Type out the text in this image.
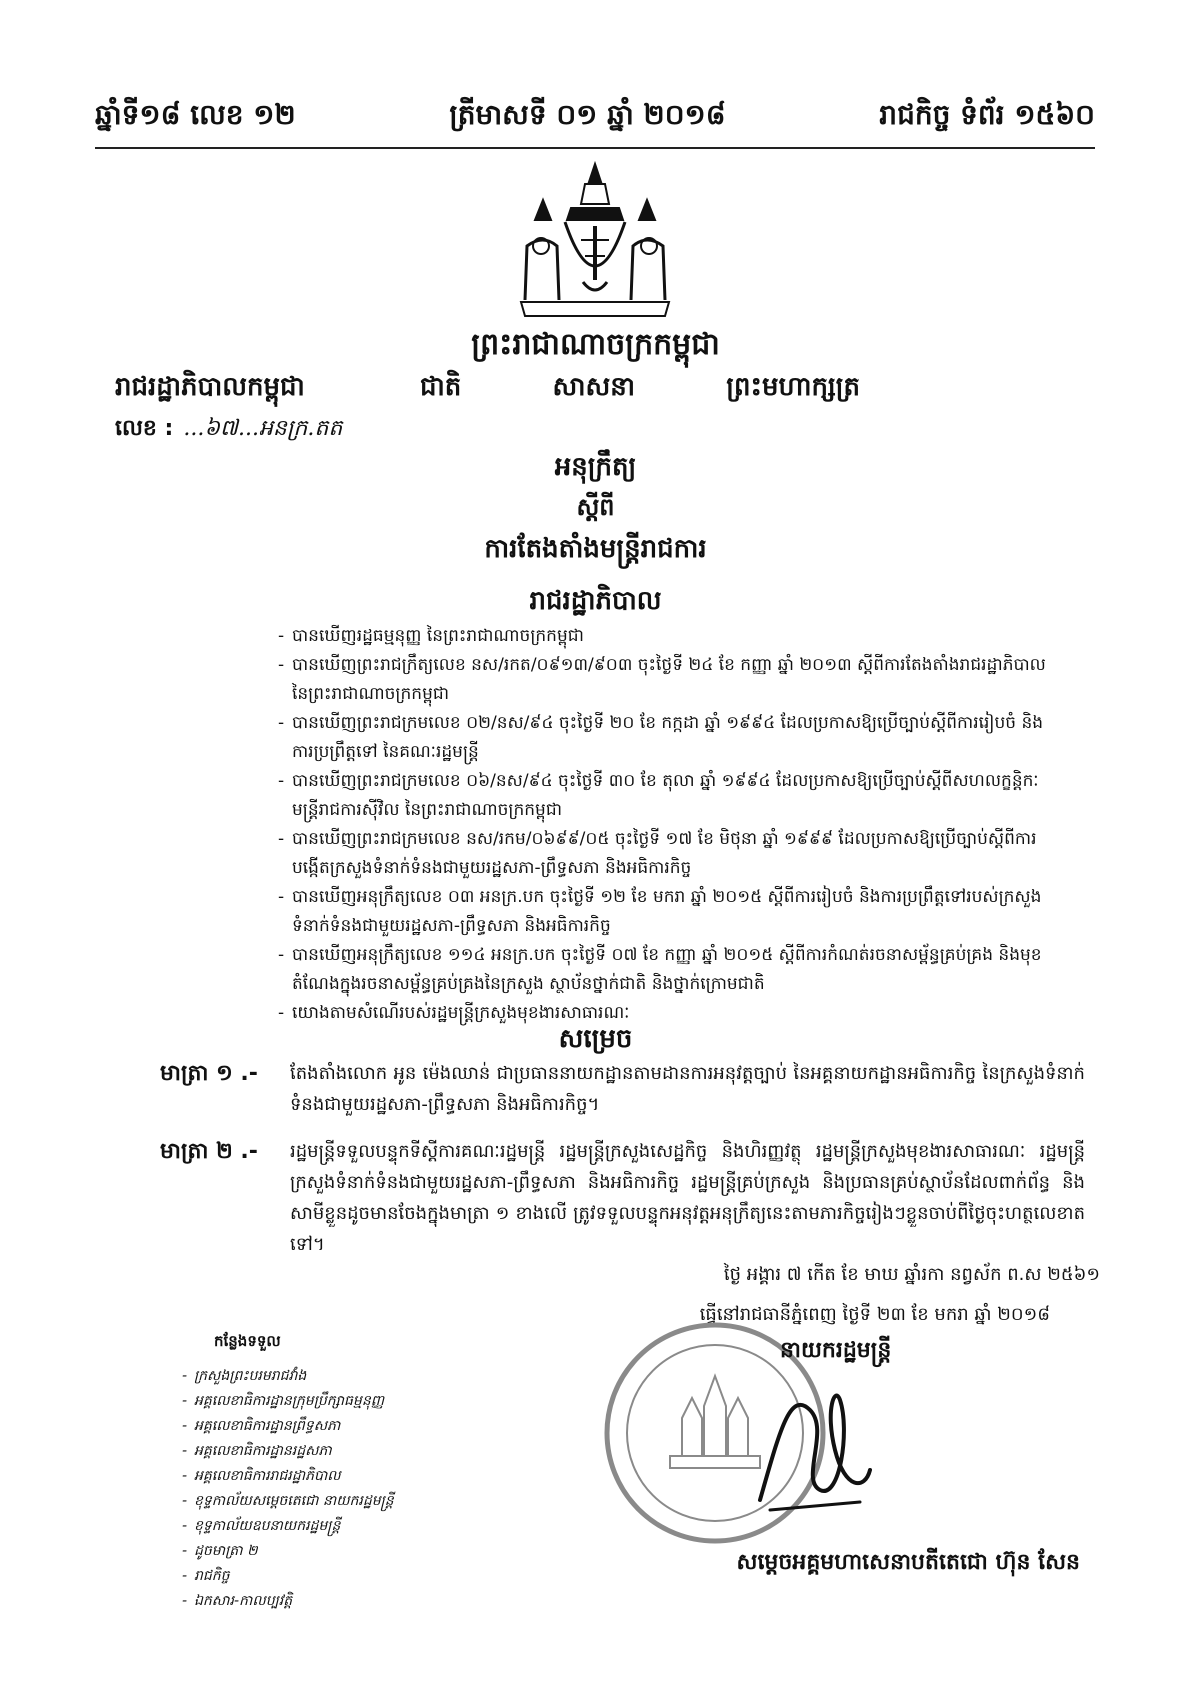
ឆ្នាំទី១៨ លេខ ១២	ត្រីមាសទី ០១ ឆ្នាំ ២០១៨	រាជកិច្ច ទំព័រ ១៥៦០
ព្រះរាជាណាចក្រកម្ពុជា
រាជរដ្ឋាភិបាលកម្ពុជា	ជាតិ	សាសនា	ព្រះមហាក្សត្រ
លេខ : ...៦៧...អនក្រ.តត
អនុក្រឹត្យ
ស្តីពី
ការតែងតាំងមន្ត្រីរាជការ
រាជរដ្ឋាភិបាល
- បានឃើញរដ្ឋធម្មនុញ្ញ នៃព្រះរាជាណាចក្រកម្ពុជា
- បានឃើញព្រះរាជក្រឹត្យលេខ នស/រកត/០៩១៣/៩០៣ ចុះថ្ងៃទី ២៤ ខែ កញ្ញា ឆ្នាំ ២០១៣ ស្តីពីការតែងតាំងរាជរដ្ឋាភិបាល នៃព្រះរាជាណាចក្រកម្ពុជា
- បានឃើញព្រះរាជក្រមលេខ ០២/នស/៩៤ ចុះថ្ងៃទី ២០ ខែ កក្កដា ឆ្នាំ ១៩៩៤ ដែលប្រកាសឱ្យប្រើច្បាប់ស្តីពីការរៀបចំ និងការប្រព្រឹត្តទៅ នៃគណៈរដ្ឋមន្ត្រី
- បានឃើញព្រះរាជក្រមលេខ ០៦/នស/៩៤ ចុះថ្ងៃទី ៣០ ខែ តុលា ឆ្នាំ ១៩៩៤ ដែលប្រកាសឱ្យប្រើច្បាប់ស្តីពីសហលក្ខន្តិកៈមន្ត្រីរាជការស៊ីវិល នៃព្រះរាជាណាចក្រកម្ពុជា
- បានឃើញព្រះរាជក្រមលេខ នស/រកម/០៦៩៩/០៥ ចុះថ្ងៃទី ១៧ ខែ មិថុនា ឆ្នាំ ១៩៩៩ ដែលប្រកាសឱ្យប្រើច្បាប់ស្តីពីការបង្កើតក្រសួងទំនាក់ទំនងជាមួយរដ្ឋសភា-ព្រឹទ្ធសភា និងអធិការកិច្ច
- បានឃើញអនុក្រឹត្យលេខ ០៣ អនក្រ.បក ចុះថ្ងៃទី ១២ ខែ មករា ឆ្នាំ ២០១៥ ស្តីពីការរៀបចំ និងការប្រព្រឹត្តទៅរបស់ក្រសួងទំនាក់ទំនងជាមួយរដ្ឋសភា-ព្រឹទ្ធសភា និងអធិការកិច្ច
- បានឃើញអនុក្រឹត្យលេខ ១១៤ អនក្រ.បក ចុះថ្ងៃទី ០៧ ខែ កញ្ញា ឆ្នាំ ២០១៥ ស្តីពីការកំណត់រចនាសម្ព័ន្ធគ្រប់គ្រង និងមុខតំណែងក្នុងរចនាសម្ព័ន្ធគ្រប់គ្រងនៃក្រសួង ស្ថាប័នថ្នាក់ជាតិ និងថ្នាក់ក្រោមជាតិ
- យោងតាមសំណើរបស់រដ្ឋមន្ត្រីក្រសួងមុខងារសាធារណៈ
សម្រេច
មាត្រា ១ .-	តែងតាំងលោក អូន ម៉េងឈាន់ ជាប្រធាននាយកដ្ឋានតាមដានការអនុវត្តច្បាប់ នៃអគ្គនាយកដ្ឋានអធិការកិច្ច នៃក្រសួងទំនាក់ទំនងជាមួយរដ្ឋសភា-ព្រឹទ្ធសភា និងអធិការកិច្ច។
មាត្រា ២ .-	រដ្ឋមន្ត្រីទទួលបន្ទុកទីស្តីការគណៈរដ្ឋមន្ត្រី រដ្ឋមន្ត្រីក្រសួងសេដ្ឋកិច្ច និងហិរញ្ញវត្ថុ រដ្ឋមន្ត្រីក្រសួងមុខងារសាធារណៈ រដ្ឋមន្ត្រីក្រសួងទំនាក់ទំនងជាមួយរដ្ឋសភា-ព្រឹទ្ធសភា និងអធិការកិច្ច រដ្ឋមន្ត្រីគ្រប់ក្រសួង និងប្រធានគ្រប់ស្ថាប័នដែលពាក់ព័ន្ធ និងសាមីខ្លួនដូចមានចែងក្នុងមាត្រា ១ ខាងលើ ត្រូវទទួលបន្ទុកអនុវត្តអនុក្រឹត្យនេះតាមភារកិច្ចរៀងៗខ្លួនចាប់ពីថ្ងៃចុះហត្ថលេខាតទៅ។
ថ្ងៃ អង្គារ ៧ កើត ខែ មាឃ ឆ្នាំរកា នព្វស័ក ព.ស ២៥៦១
ធ្វើនៅរាជធានីភ្នំពេញ ថ្ងៃទី ២៣ ខែ មករា ឆ្នាំ ២០១៨
នាយករដ្ឋមន្ត្រី
សម្តេចអគ្គមហាសេនាបតីតេជោ ហ៊ុន សែន
កន្លែងទទួល
- ក្រសួងព្រះបរមរាជវាំង
- អគ្គលេខាធិការដ្ឋានក្រុមប្រឹក្សាធម្មនុញ្ញ
- អគ្គលេខាធិការដ្ឋានព្រឹទ្ធសភា
- អគ្គលេខាធិការដ្ឋានរដ្ឋសភា
- អគ្គលេខាធិការរាជរដ្ឋាភិបាល
- ខុទ្ទកាល័យសម្តេចតេជោ នាយករដ្ឋមន្ត្រី
- ខុទ្ទកាល័យឧបនាយករដ្ឋមន្ត្រី
- ដូចមាត្រា ២
- រាជកិច្ច
- ឯកសារ-កាលប្បវត្តិ
